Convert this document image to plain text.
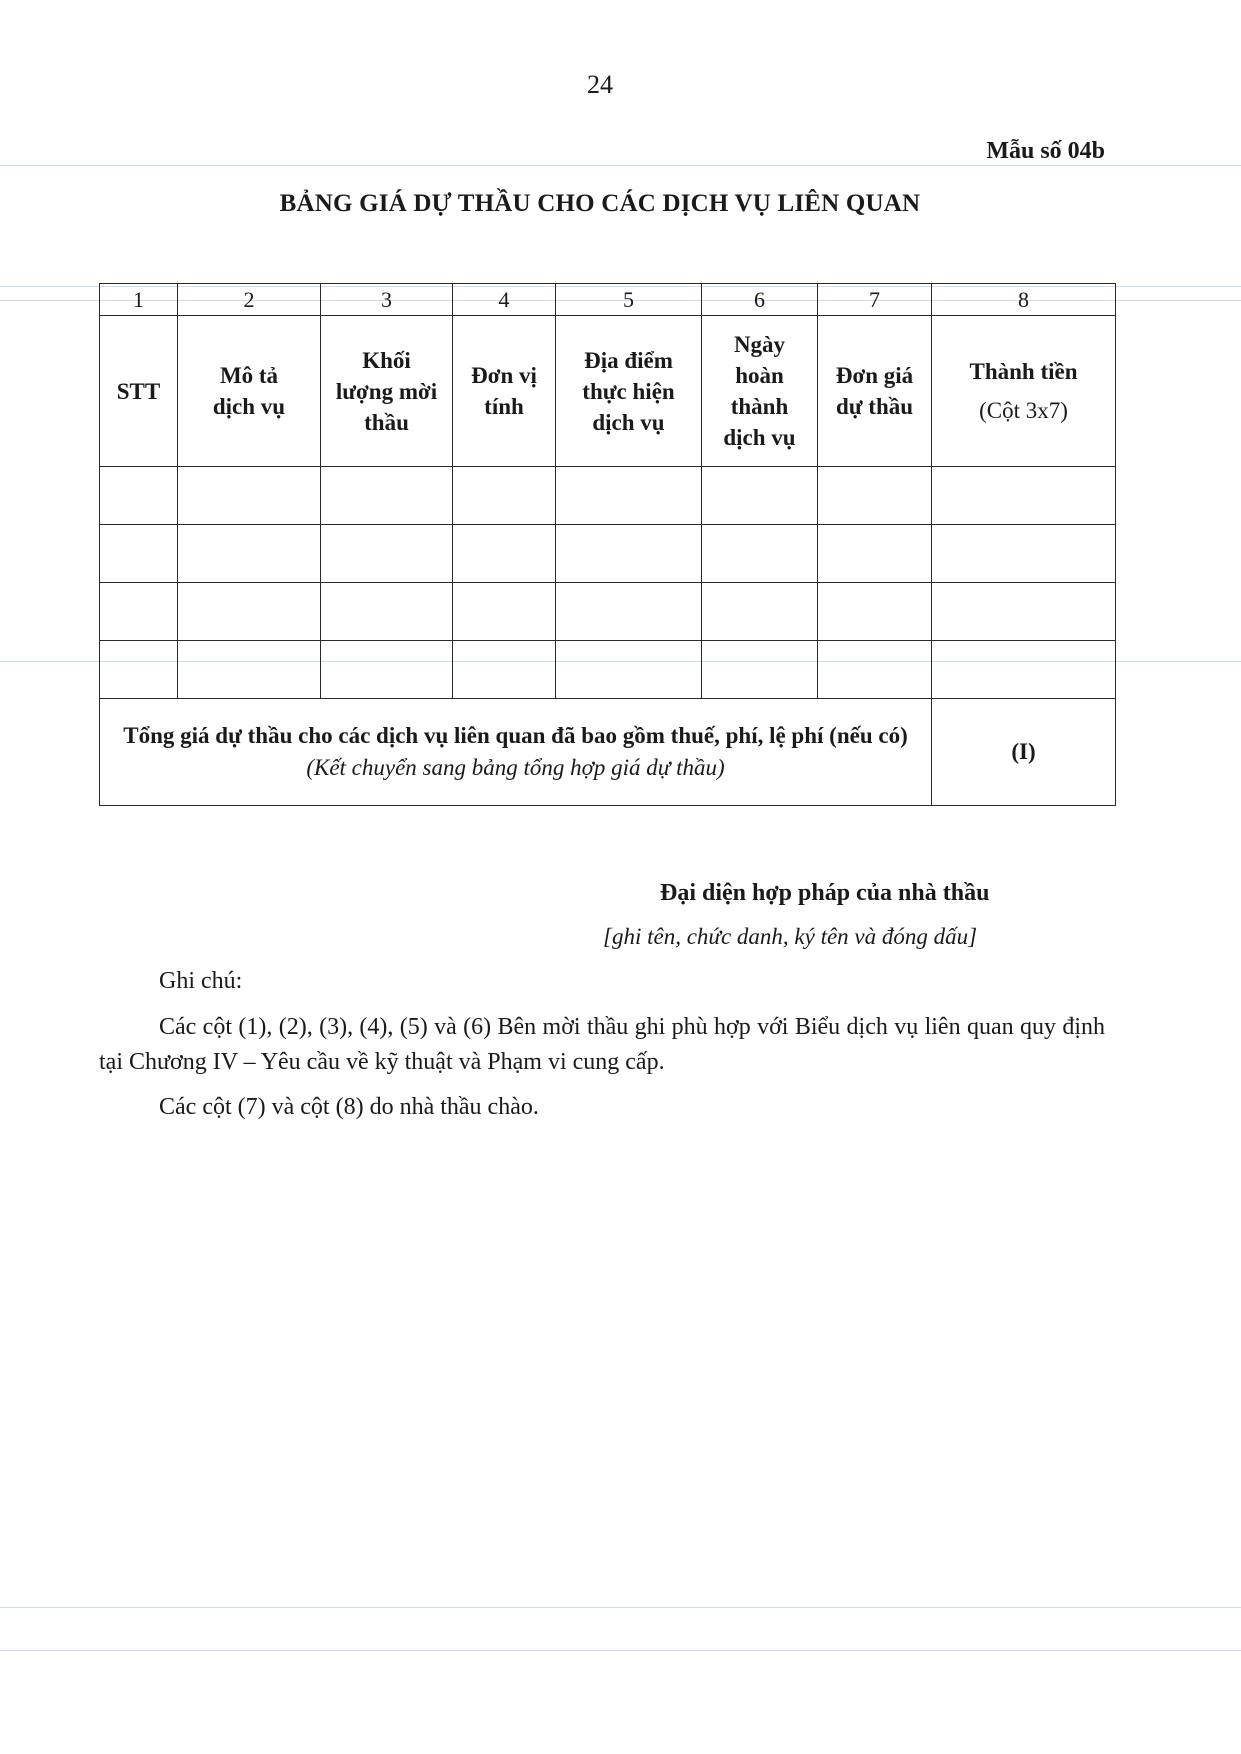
24
Mẫu số 04b
BẢNG GIÁ DỰ THẦU CHO CÁC DỊCH VỤ LIÊN QUAN
1	2	3	4	5	6	7	8
STT	Mô tả dịch vụ	Khối lượng mời thầu	Đơn vị tính	Địa điểm thực hiện dịch vụ	Ngày hoàn thành dịch vụ	Đơn giá dự thầu	Thành tiền
(Cột 3x7)

Tổng giá dự thầu cho các dịch vụ liên quan đã bao gồm thuế, phí, lệ phí (nếu có)
(Kết chuyển sang bảng tổng hợp giá dự thầu)							(I)
Đại diện hợp pháp của nhà thầu
[ghi tên, chức danh, ký tên và đóng dấu]
Ghi chú:
Các cột (1), (2), (3), (4), (5) và (6) Bên mời thầu ghi phù hợp với Biểu dịch vụ liên quan quy định tại Chương IV – Yêu cầu về kỹ thuật và Phạm vi cung cấp.
Các cột (7) và cột (8) do nhà thầu chào.
